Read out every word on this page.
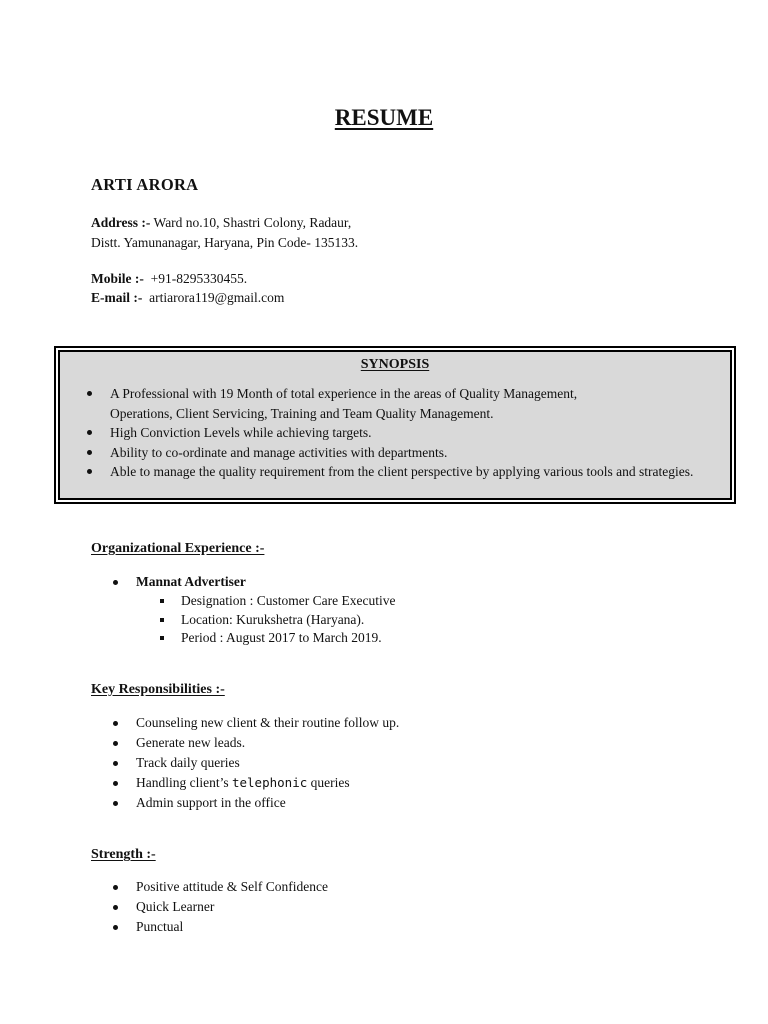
RESUME
ARTI ARORA
Address :- Ward no.10, Shastri Colony, Radaur,
Distt. Yamunanagar, Haryana, Pin Code- 135133.
Mobile :- +91-8295330455.
E-mail :- artiarora119@gmail.com
SYNOPSIS
A Professional with 19 Month of total experience in the areas of Quality Management,
Operations, Client Servicing, Training and Team Quality Management.
High Conviction Levels while achieving targets.
Ability to co-ordinate and manage activities with departments.
Able to manage the quality requirement from the client perspective by applying various tools and strategies.
Organizational Experience :-
Mannat Advertiser
Designation : Customer Care Executive
Location: Kurukshetra (Haryana).
Period : August 2017 to March 2019.
Key Responsibilities :-
Counseling new client & their routine follow up.
Generate new leads.
Track daily queries
Handling client’s telephonic queries
Admin support in the office
Strength :-
Positive attitude & Self Confidence
Quick Learner
Punctual
